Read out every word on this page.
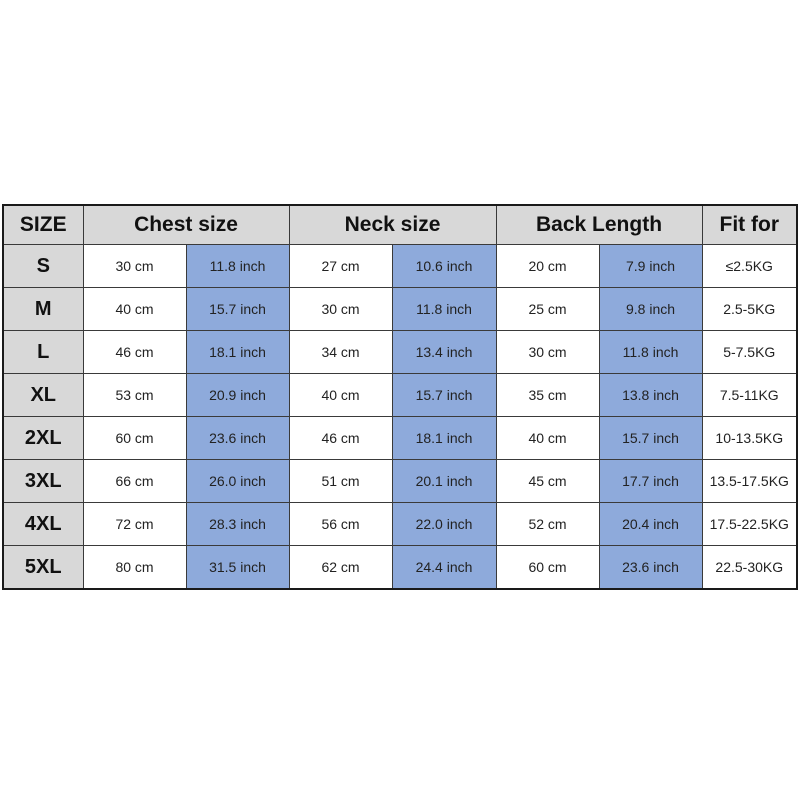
SIZE	Chest size		Neck size		Back Length		Fit for
S	30 cm	11.8 inch	27 cm	10.6 inch	20 cm	7.9 inch	≤2.5KG
M	40 cm	15.7 inch	30 cm	11.8 inch	25 cm	9.8 inch	2.5-5KG
L	46 cm	18.1 inch	34 cm	13.4 inch	30 cm	11.8 inch	5-7.5KG
XL	53 cm	20.9 inch	40 cm	15.7 inch	35 cm	13.8 inch	7.5-11KG
2XL	60 cm	23.6 inch	46 cm	18.1 inch	40 cm	15.7 inch	10-13.5KG
3XL	66 cm	26.0 inch	51 cm	20.1 inch	45 cm	17.7 inch	13.5-17.5KG
4XL	72 cm	28.3 inch	56 cm	22.0 inch	52 cm	20.4 inch	17.5-22.5KG
5XL	80 cm	31.5 inch	62 cm	24.4 inch	60 cm	23.6 inch	22.5-30KG
